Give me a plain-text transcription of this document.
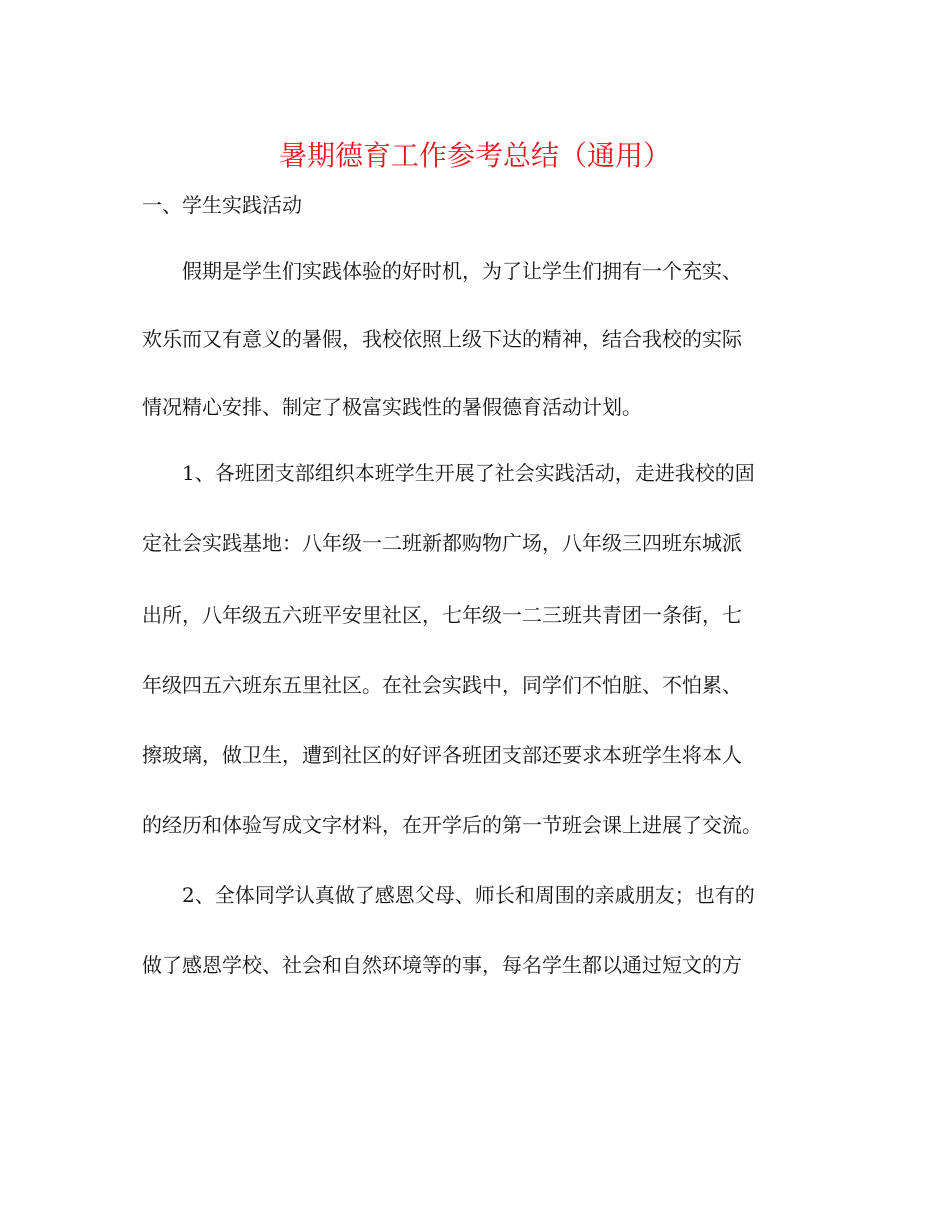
暑期德育工作参考总结（通用）
一、学生实践活动
　　假期是学生们实践体验的好时机，为了让学生们拥有一个充实、
欢乐而又有意义的暑假，我校依照上级下达的精神，结合我校的实际
情况精心安排、制定了极富实践性的暑假德育活动计划。
　　1、各班团支部组织本班学生开展了社会实践活动，走进我校的固
定社会实践基地：八年级一二班新都购物广场，八年级三四班东城派
出所，八年级五六班平安里社区，七年级一二三班共青团一条街，七
年级四五六班东五里社区。在社会实践中，同学们不怕脏、不怕累、
擦玻璃，做卫生，遭到社区的好评各班团支部还要求本班学生将本人
的经历和体验写成文字材料，在开学后的第一节班会课上进展了交流。
　　2、全体同学认真做了感恩父母、师长和周围的亲戚朋友；也有的
做了感恩学校、社会和自然环境等的事，每名学生都以通过短文的方
